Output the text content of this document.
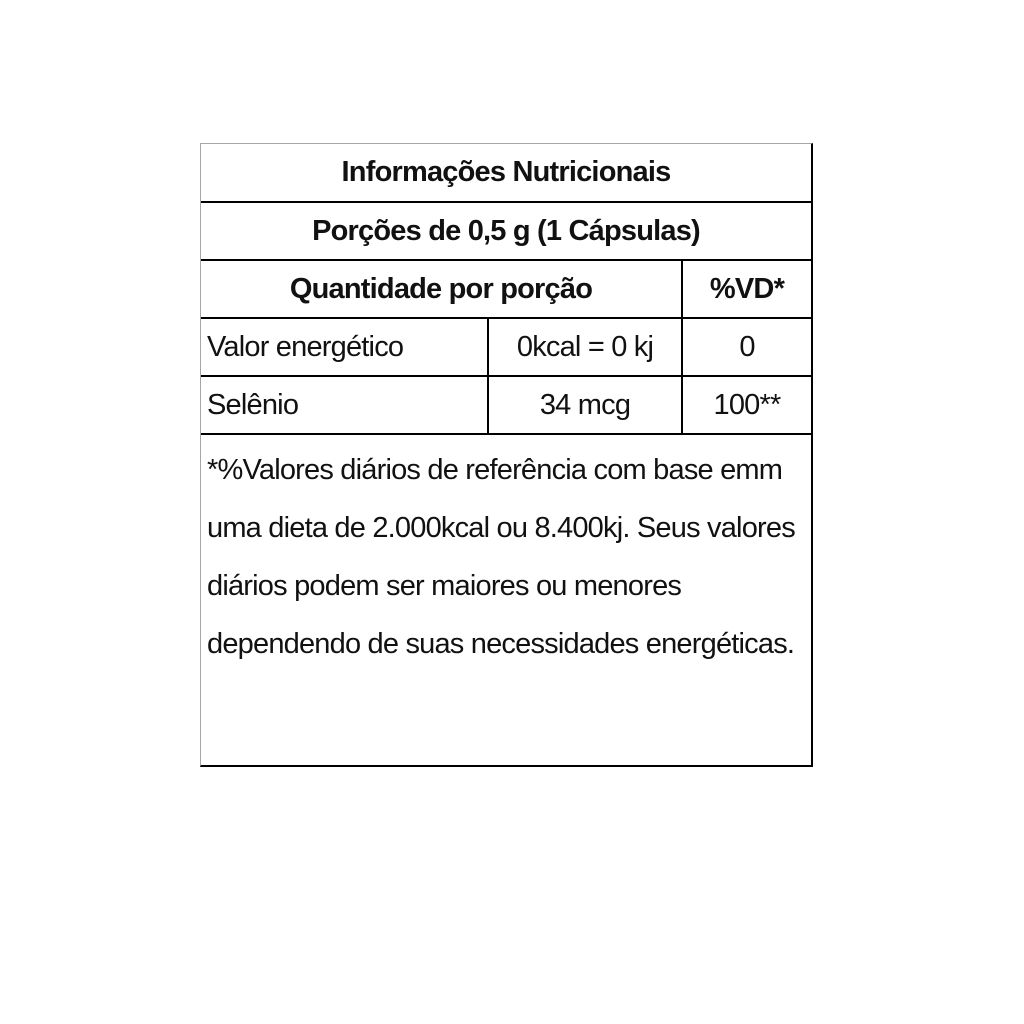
Informações Nutricionais
Porções de 0,5 g (1 Cápsulas)
Quantidade por porção	%VD*
Valor energético	0kcal = 0 kj	0
Selênio	34 mcg	100**
*%Valores diários de referência com base emm
uma dieta de 2.000kcal ou 8.400kj. Seus valores
diários podem ser maiores ou menores
dependendo de suas necessidades energéticas.
